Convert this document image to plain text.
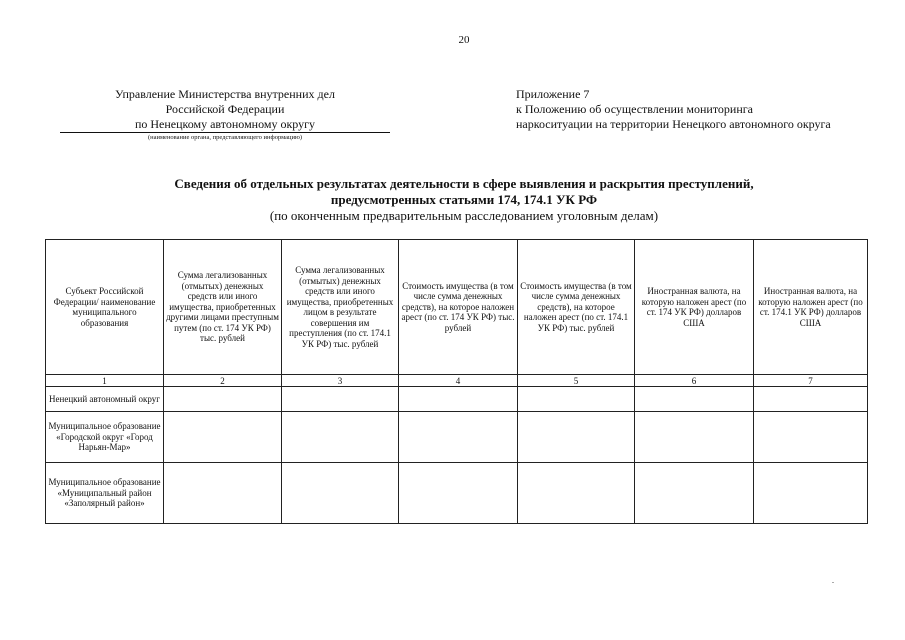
20
Управление Министерства внутренних дел
Российской Федерации
по Ненецкому автономному округу
(наименование органа, представляющего информацию)
Приложение 7
к Положению об осуществлении мониторинга
наркоситуации на территории Ненецкого автономного округа
Сведения об отдельных результатах деятельности в сфере выявления и раскрытия преступлений,
предусмотренных статьями 174, 174.1 УК РФ
(по оконченным предварительным расследованием уголовным делам)
Субъект Российской Федерации/ наименование муниципального образования	Сумма легализованных (отмытых) денежных средств или иного имущества, приобретенных другими лицами преступным путем (по ст. 174 УК РФ) тыс. рублей	Сумма легализованных (отмытых) денежных средств или иного имущества, приобретенных лицом в результате совершения им преступления (по ст. 174.1 УК РФ) тыс. рублей	Стоимость имущества (в том числе сумма денежных средств), на которое наложен арест (по ст. 174 УК РФ) тыс. рублей	Стоимость имущества (в том числе сумма денежных средств), на которое наложен арест (по ст. 174.1 УК РФ) тыс. рублей	Иностранная валюта, на которую наложен арест (по ст. 174 УК РФ) долларов США	Иностранная валюта, на которую наложен арест (по ст. 174.1 УК РФ) долларов США
1	2	3	4	5	6	7
Ненецкий автономный округ						
Муниципальное образование «Городской округ «Город Нарьян-Мар»						
Муниципальное образование «Муниципальный район «Заполярный район»						
